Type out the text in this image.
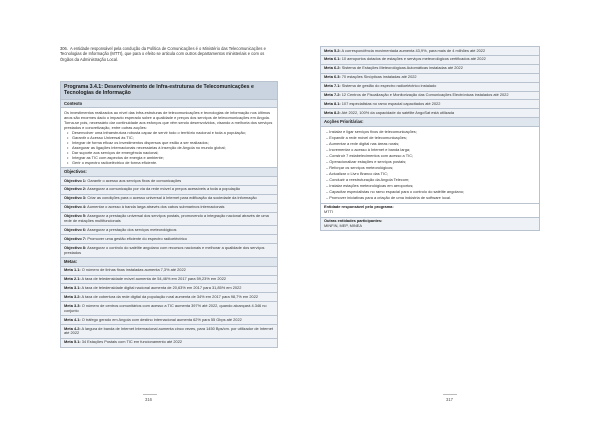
306. A entidade responsável pela condução da Política de Comunicações é o Ministério das Telecomunicações e Tecnologias de Informação (MTTI), que para o efeito se articula com outros departamentos ministeriais e com os Órgãos da Administração Local.
Programa 3.4.1: Desenvolvimento de Infra-estruturas de Telecomunicações e Tecnologias de Informação
Contexto
Os investimentos realizados ao nível das infra-estruturas de telecomunicações e tecnologias de informação nos últimos anos são enormes dado o impacto esperado sobre a qualidade e preços dos serviços de telecomunicações em Angola. Torna-se pois, necessário dar continuidade aos esforços que vêm sendo desenvolvidos, visando a melhoria dos serviços prestados e concretização, entre outras acções:
• Desenvolver uma infraestrutura robusta capaz de servir todo o território nacional e toda a população;
• Garantir o Acesso Universal às TIC;
• Integrar de forma eficaz os investimentos dispersos que estão a ser realizados;
• Assegurar as ligações internacionais necessárias à inserção de Angola no mundo global;
• Dar suporte aos serviços de emergência nacional;
• Integrar as TIC com aspectos de energia e ambiente;
• Gerir o espectro radioeléctrico de forma eficiente.
Objectivos:
Objectivo 1: Garantir o acesso aos serviços fixos de comunicações
Objectivo 2: Assegurar a comunicação por via da rede móvel a preços acessíveis a toda a população
Objectivo 3: Criar as condições para o acesso universal à Internet para edificação da sociedade da informação
Objectivo 4: Aumentar o acesso à banda larga através dos cabos submarinos internacionais
Objectivo 5: Assegurar a prestação universal dos serviços postais, promovendo a integração nacional através de uma rede de estações multifuncionais
Objectivo 6: Assegurar a prestação dos serviços meteorológicos
Objectivo 7: Promover uma gestão eficiente do espectro radioeléctrico
Objectivo 8: Assegurar o controlo do satélite angolano com recursos nacionais e melhorar a qualidade dos serviços prestados
Metas:
Meta 1.1: O número de linhas fixas instaladas aumenta 7,3% até 2022
Meta 2.1: A taxa de teledensidade móvel aumenta de 54,46% em 2017 para 59,23% em 2022
Meta 3.1: A taxa de teledensidade digital nacional aumenta de 20,63% em 2017 para 31,85% em 2022
Meta 3.2: A taxa de cobertura da rede digital da população rural aumenta de 34% em 2017 para 98,7% em 2022
Meta 3.3: O número de centros comunitários com acesso a TIC aumenta 397% até 2022, quando alcançará 4.346 no conjunto
Meta 4.1: O tráfego gerado em Angola com destino internacional aumenta 62% para 55 Gbps até 2022
Meta 4.2: A largura de banda de Internet Internacional aumenta cinco vezes, para 1450 Bps/cm. por utilizador de Internet até 2022
Meta 5.1: 34 Estações Postais com TIC em funcionamento até 2022
316
Meta 5.2: A correspondência movimentada aumenta 43,9%, para mais de 4 milhões até 2022
Meta 6.1: 10 aeroportos dotados de estações e serviços meteorológicos certificados até 2022
Meta 6.2: Sistema de Estações Meteorológicas Automáticas instaladas até 2022
Meta 6.3: 70 estações Sinópticas instaladas até 2022
Meta 7.1: Sistema de gestão do espectro radioeléctrico instalado
Meta 7.2: 12 Centros de Fiscalização e Monitorização das Comunicações Electrónicas instalados até 2022
Meta 8.1: 107 especialistas no ramo espacial capacitados até 2022
Meta 8.2: Até 2022, 100% da capacidade do satélite AngoSat está utilizada
Acções Prioritárias:
– Instalar e ligar serviços fixos de telecomunicações;
– Expandir a rede móvel de telecomunicações;
– Aumentar a rede digital nas áreas rurais;
– Incrementar o acesso à Internet e banda larga;
– Construir 7 estabelecimentos com acesso a TIC;
– Operacionalizar estações e serviços postais;
– Reforçar os serviços meteorológicos;
– Actualizar o Livro Branco das TIC;
– Conduzir a reestruturação da Angola Telecom;
– Instalar estações meteorológicas em aeroportos;
– Capacitar especialistas no ramo espacial para o controlo do satélite angolano;
– Promover iniciativas para a criação de uma indústria de software local.
Entidade responsável pelo programa:
MTTI
Outras entidades participantes:
MINFIN, MEP, MINEA
317
